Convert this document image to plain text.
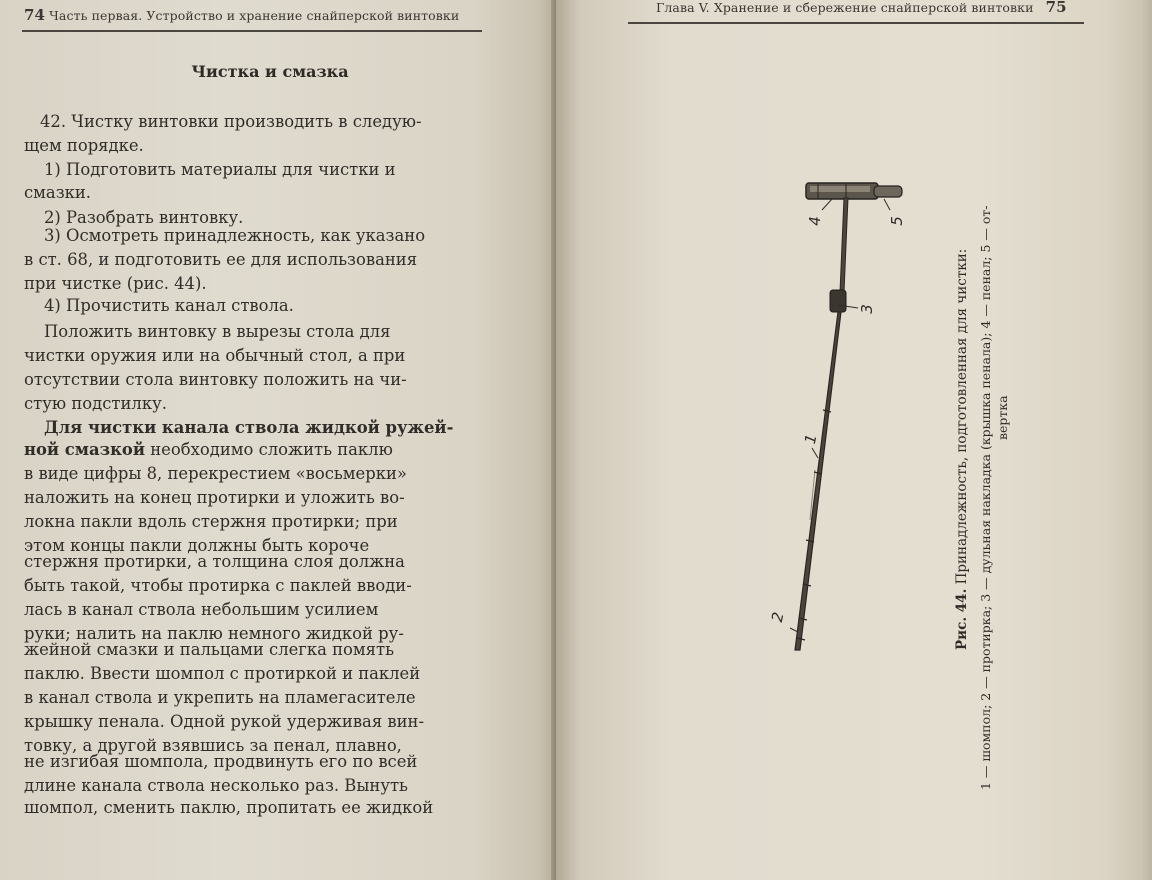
74 Часть первая. Устройство и хранение снайперской винтовки
Чистка и смазка
42. Чистку винтовки производить в следую-
щем порядке.
1) Подготовить материалы для чистки и
смазки.
2) Разобрать винтовку.
3) Осмотреть принадлежность, как указано
в ст. 68, и подготовить ее для использования
при чистке (рис. 44).
4) Прочистить канал ствола.
Положить винтовку в вырезы стола для
чистки оружия или на обычный стол, а при
отсутствии стола винтовку положить на чи-
стую подстилку.
Для чистки канала ствола жидкой ружей-
ной смазкой необходимо сложить паклю
в виде цифры 8, перекрестием «восьмерки»
наложить на конец протирки и уложить во-
локна пакли вдоль стержня протирки; при
этом концы пакли должны быть короче
стержня протирки, а толщина слоя должна
быть такой, чтобы протирка с паклей вводи-
лась в канал ствола небольшим усилием
руки; налить на паклю немного жидкой ру-
жейной смазки и пальцами слегка помять
паклю. Ввести шомпол с протиркой и паклей
в канал ствола и укрепить на пламегасителе
крышку пенала. Одной рукой удерживая вин-
товку, а другой взявшись за пенал, плавно,
не изгибая шомпола, продвинуть его по всей
длине канала ствола несколько раз. Вынуть
шомпол, сменить паклю, пропитать ее жидкой
Глава V. Хранение и сбережение снайперской винтовки 75
1
2
3
4	5
Рис. 44. Принадлежность, подготовленная для чистки: 1 — шомпол; 2 — протирка; 3 — дульная накладка (крышка пенала); 4 — пенал; 5 — от- вертка
